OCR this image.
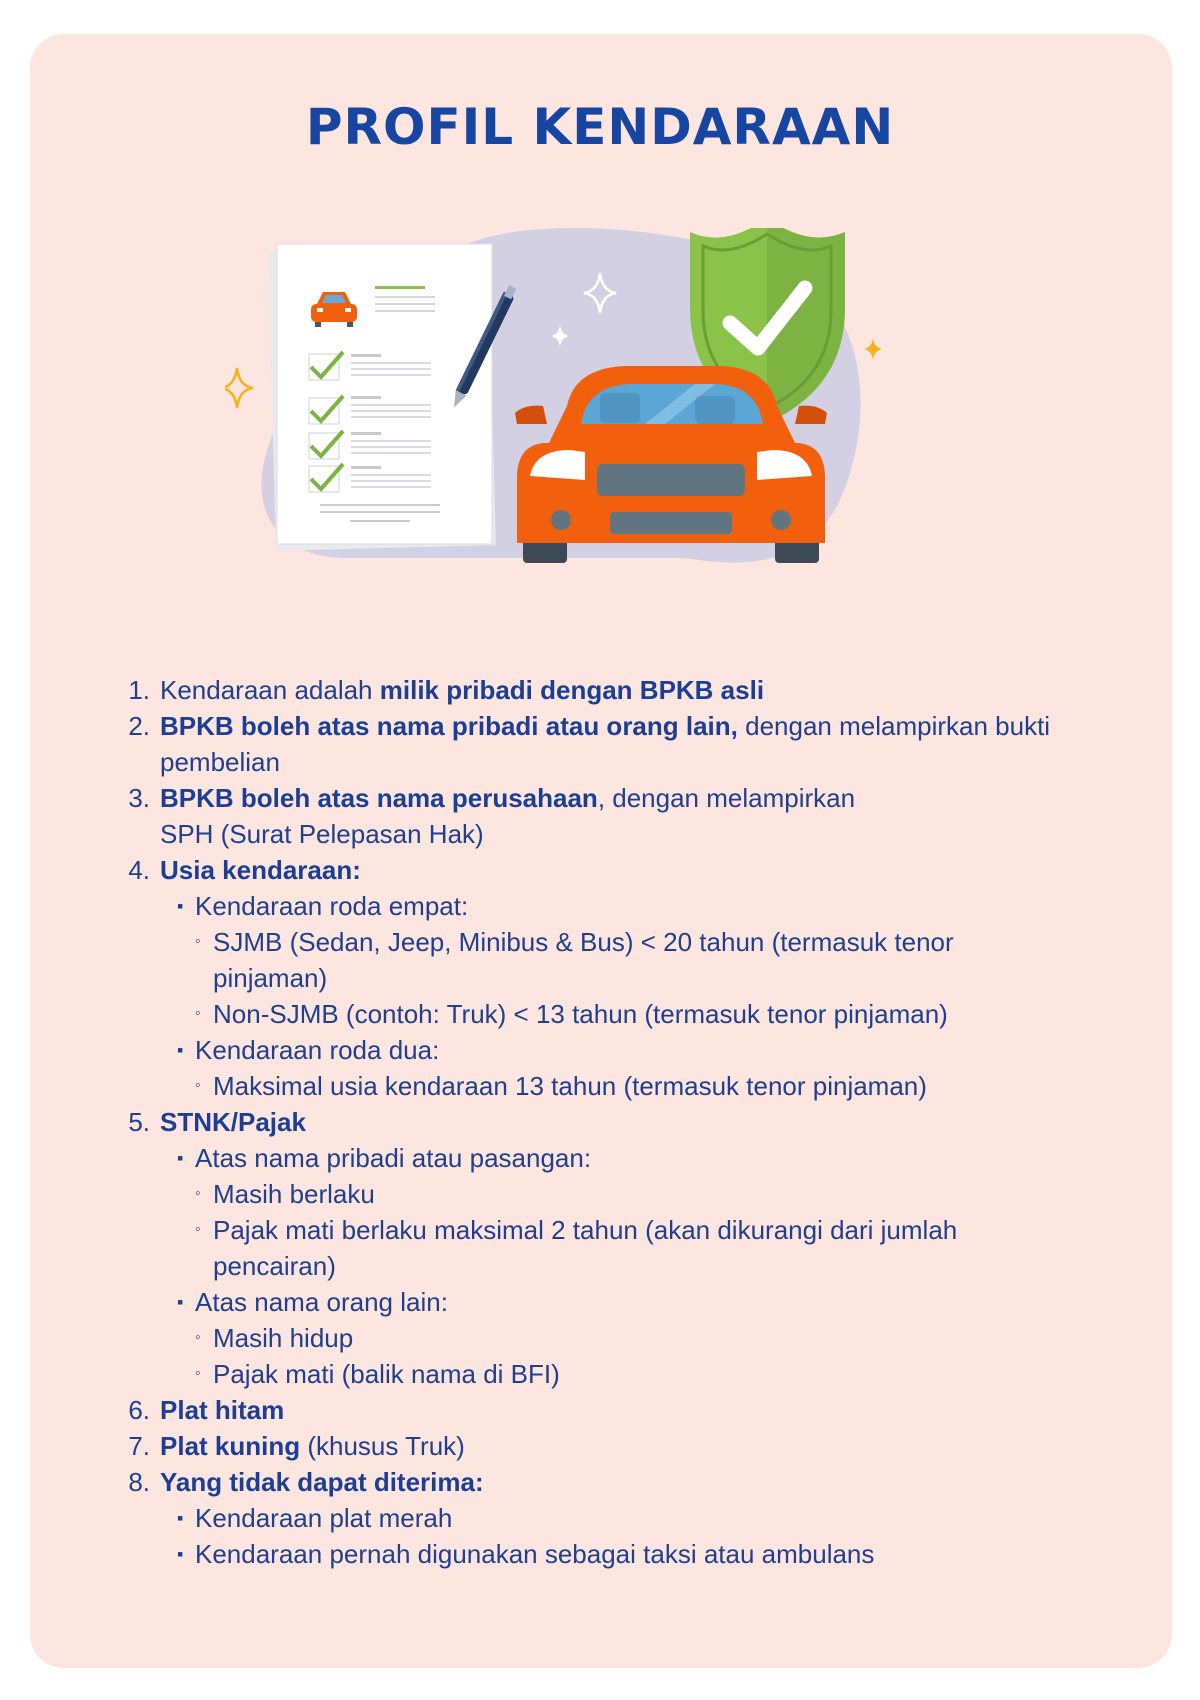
PROFIL KENDARAAN
1. Kendaraan adalah milik pribadi dengan BPKB asli
2. BPKB boleh atas nama pribadi atau orang lain, dengan melampirkan bukti pembelian
3. BPKB boleh atas nama perusahaan, dengan melampirkan SPH (Surat Pelepasan Hak)
4. Usia kendaraan:
▪ Kendaraan roda empat:
◦ SJMB (Sedan, Jeep, Minibus & Bus) < 20 tahun (termasuk tenor pinjaman)
◦ Non-SJMB (contoh: Truk) < 13 tahun (termasuk tenor pinjaman)
▪ Kendaraan roda dua:
◦ Maksimal usia kendaraan 13 tahun (termasuk tenor pinjaman)
5. STNK/Pajak
▪ Atas nama pribadi atau pasangan:
◦ Masih berlaku
◦ Pajak mati berlaku maksimal 2 tahun (akan dikurangi dari jumlah pencairan)
▪ Atas nama orang lain:
◦ Masih hidup
◦ Pajak mati (balik nama di BFI)
6. Plat hitam
7. Plat kuning (khusus Truk)
8. Yang tidak dapat diterima:
▪ Kendaraan plat merah
▪ Kendaraan pernah digunakan sebagai taksi atau ambulans
